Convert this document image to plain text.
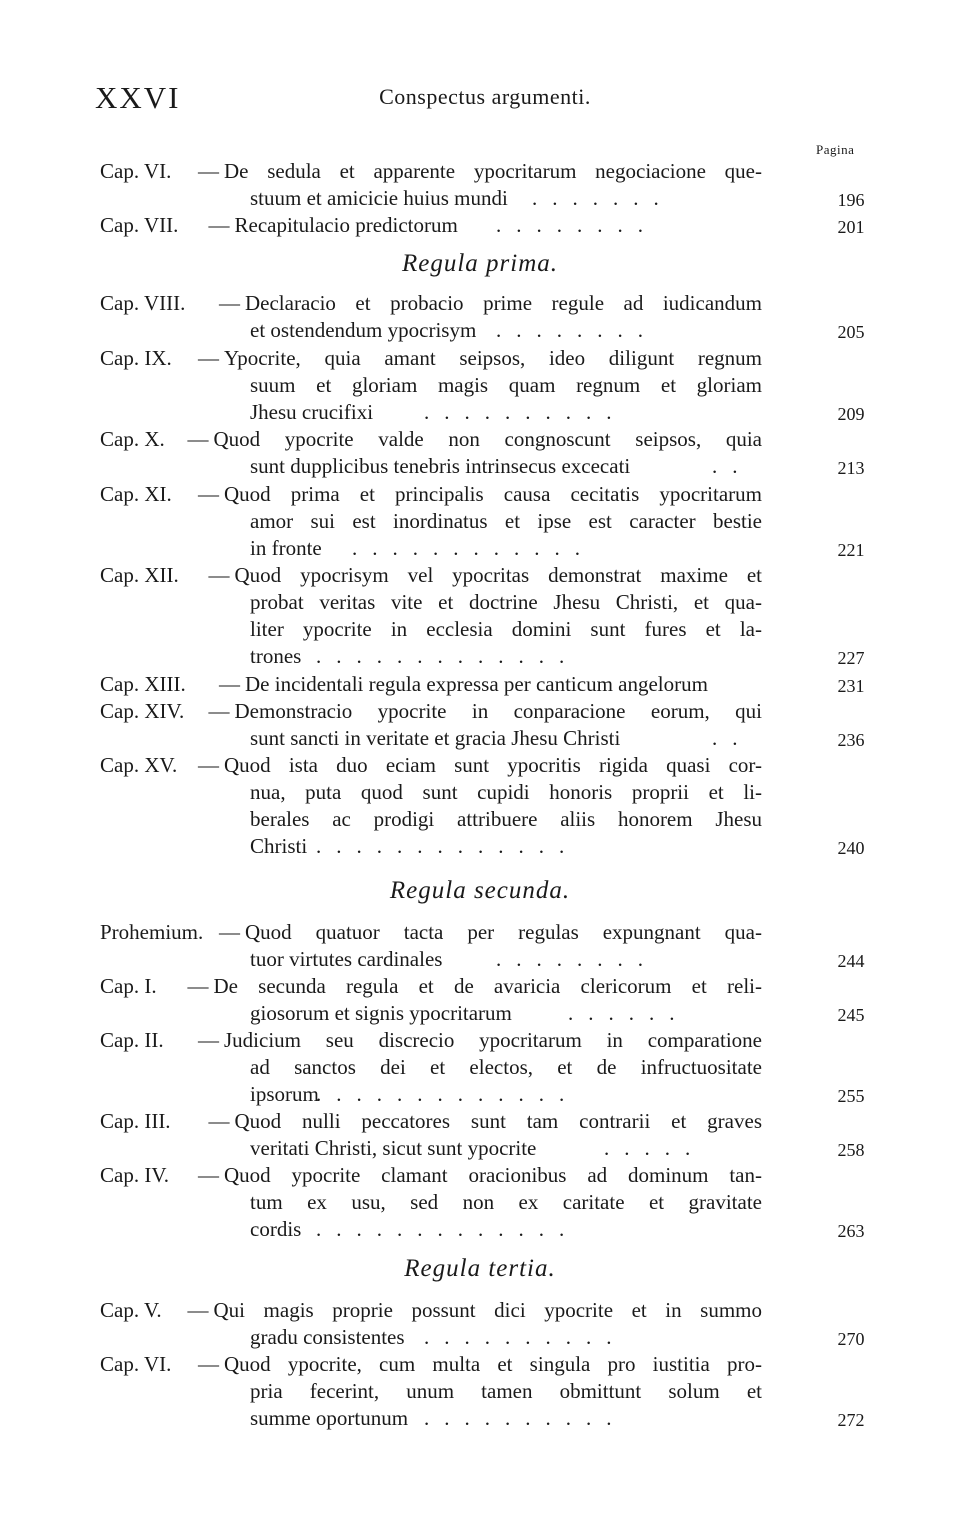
XXVI	Conspectus argumenti.
Pagina
Regula prima.
Regula secunda.
Regula tertia.
Cap. VI. — De sedula et apparente ypocritarum negociacione que-
stuum et amicicie huius mundi .......	196
Cap. VII. — Recapitulacio predictorum ........	201
Cap. VIII. — Declaracio et probacio prime regule ad iudicandum
et ostendendum ypocrisym ........	205
Cap. IX. — Ypocrite, quia amant seipsos, ideo diligunt regnum
suum et gloriam magis quam regnum et gloriam
Jhesu crucifixi ..........	209
Cap. X. — Quod ypocrite valde non congnoscunt seipsos, quia
sunt dupplicibus tenebris intrinsecus excecati	..	213
Cap. XI. — Quod prima et principalis causa cecitatis ypocritarum
amor sui est inordinatus et ipse est caracter bestie
in fronte ............	221
Cap. XII. — Quod ypocrisym vel ypocritas demonstrat maxime et
probat veritas vite et doctrine Jhesu Christi, et qua-
liter ypocrite in ecclesia domini sunt fures et la-
trones .............	227
Cap. XIII. — De incidentali regula expressa per canticum angelorum	231
Cap. XIV. — Demonstracio ypocrite in conparacione eorum, qui
sunt sancti in veritate et gracia Jhesu Christi	..	236
Cap. XV. — Quod ista duo eciam sunt ypocritis rigida quasi cor-
nua, puta quod sunt cupidi honoris proprii et li-
berales ac prodigi attribuere aliis honorem Jhesu
Christi .............	240
Prohemium. — Quod quatuor tacta per regulas expungnant qua-
tuor virtutes cardinales	........	244
Cap. I. — De secunda regula et de avaricia clericorum et reli-
giosorum et signis ypocritarum	......	245
Cap. II. — Judicium seu discrecio ypocritarum in comparatione
ad sanctos dei et electos, et de infructuositate
ipsorum
.............	255
Cap. III. — Quod nulli peccatores sunt tam contrarii et graves
veritati Christi, sicut sunt ypocrite	.....	258
Cap. IV. — Quod ypocrite clamant oracionibus ad dominum tan-
tum ex usu, sed non ex caritate et gravitate
cordis .............	263
Cap. V. — Qui magis proprie possunt dici ypocrite et in summo
gradu consistentes ..........	270
Cap. VI. — Quod ypocrite, cum multa et singula pro iustitia pro-
pria fecerint, unum tamen obmittunt solum et
summe oportunum ..........	272
